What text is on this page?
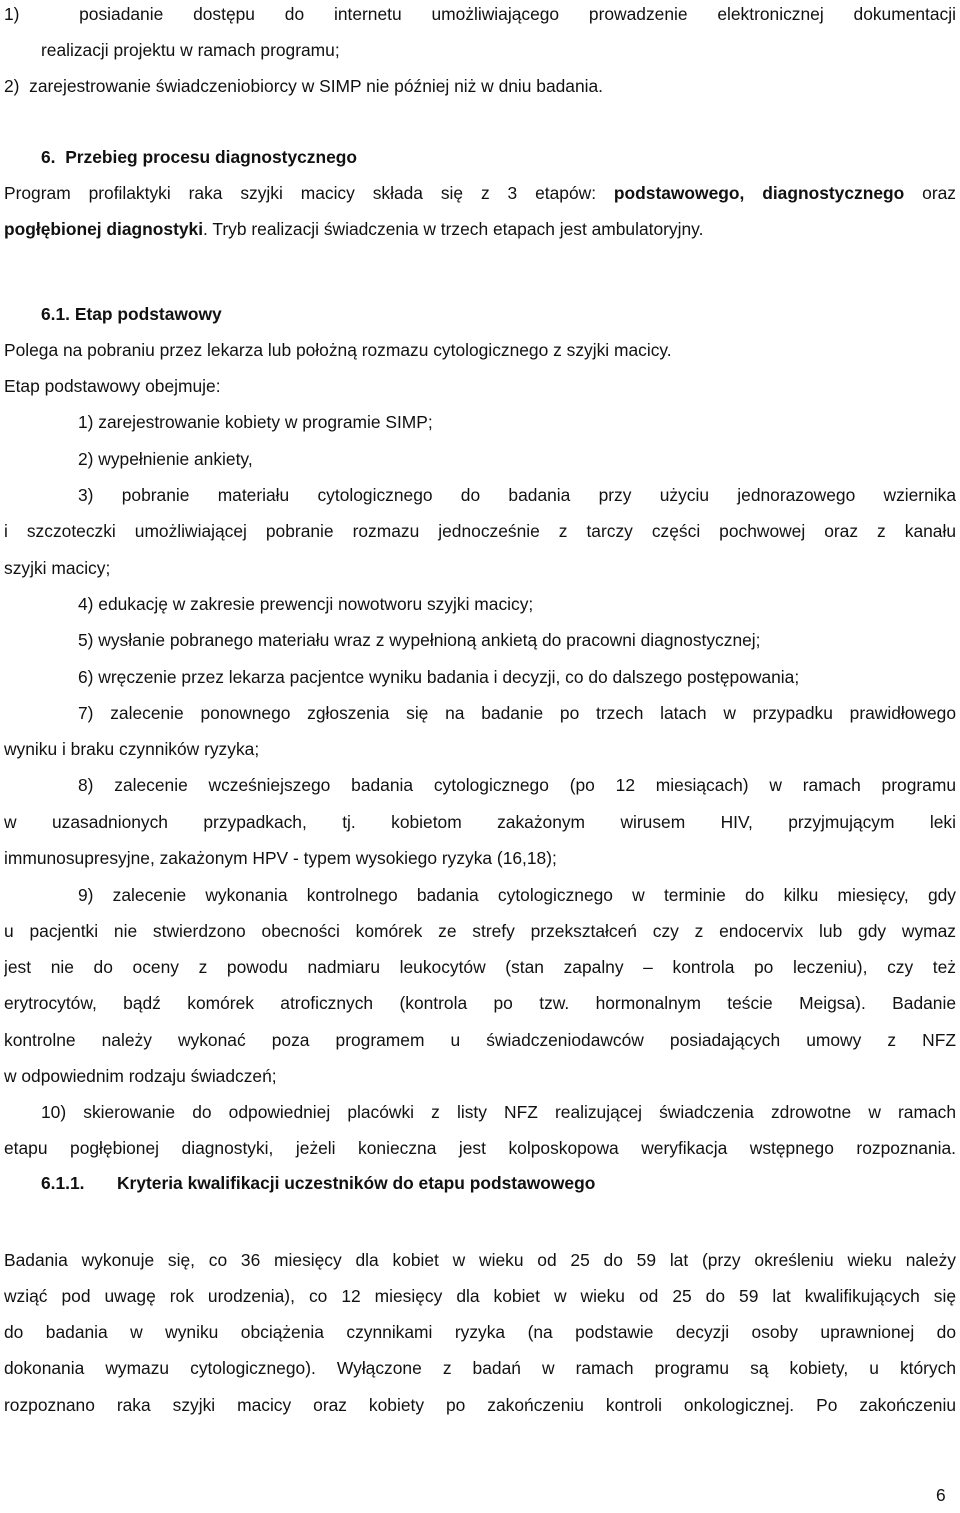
1)  posiadanie dostępu do internetu umożliwiającego prowadzenie elektronicznej dokumentacji
realizacji projektu w ramach programu;
2)  zarejestrowanie świadczeniobiorcy w SIMP nie później niż w dniu badania.
6. Przebieg procesu diagnostycznego
Program profilaktyki raka szyjki macicy składa się z 3 etapów: podstawowego, diagnostycznego oraz
pogłębionej diagnostyki. Tryb realizacji świadczenia w trzech etapach jest ambulatoryjny.
6.1. Etap podstawowy
Polega na pobraniu przez lekarza lub położną rozmazu cytologicznego z szyjki macicy.
Etap podstawowy obejmuje:
1) zarejestrowanie kobiety w programie SIMP;
2) wypełnienie ankiety,
3) pobranie materiału cytologicznego do badania przy użyciu jednorazowego wziernika
i szczoteczki umożliwiającej pobranie rozmazu jednocześnie z tarczy części pochwowej oraz z kanału
szyjki macicy;
4) edukację w zakresie prewencji nowotworu szyjki macicy;
5) wysłanie pobranego materiału wraz z wypełnioną ankietą do pracowni diagnostycznej;
6) wręczenie przez lekarza pacjentce wyniku badania i decyzji, co do dalszego postępowania;
7) zalecenie ponownego zgłoszenia się na badanie po trzech latach w przypadku prawidłowego
wyniku i braku czynników ryzyka;
8) zalecenie wcześniejszego badania cytologicznego (po 12 miesiącach) w ramach programu
w uzasadnionych przypadkach, tj. kobietom zakażonym wirusem HIV, przyjmującym leki
immunosupresyjne, zakażonym HPV - typem wysokiego ryzyka (16,18);
9) zalecenie wykonania kontrolnego badania cytologicznego w terminie do kilku miesięcy, gdy
u pacjentki nie stwierdzono obecności komórek ze strefy przekształceń czy z endocervix lub gdy wymaz
jest nie do oceny z powodu nadmiaru leukocytów (stan zapalny – kontrola po leczeniu), czy też
erytrocytów, bądź komórek atroficznych (kontrola po tzw. hormonalnym teście Meigsa). Badanie
kontrolne należy wykonać poza programem u świadczeniodawców posiadających umowy z NFZ
w odpowiednim rodzaju świadczeń;
10) skierowanie do odpowiedniej placówki z listy NFZ realizującej świadczenia zdrowotne w ramach
etapu pogłębionej diagnostyki, jeżeli konieczna jest kolposkopowa weryfikacja wstępnego rozpoznania.
6.1.1. Kryteria kwalifikacji uczestników do etapu podstawowego
Badania wykonuje się, co 36 miesięcy dla kobiet w wieku od 25 do 59 lat (przy określeniu wieku należy
wziąć pod uwagę rok urodzenia), co 12 miesięcy dla kobiet w wieku od 25 do 59 lat kwalifikujących się
do badania w wyniku obciążenia czynnikami ryzyka (na podstawie decyzji osoby uprawnionej do
dokonania wymazu cytologicznego). Wyłączone z badań w ramach programu są kobiety, u których
rozpoznano raka szyjki macicy oraz kobiety po zakończeniu kontroli onkologicznej. Po zakończeniu
6
